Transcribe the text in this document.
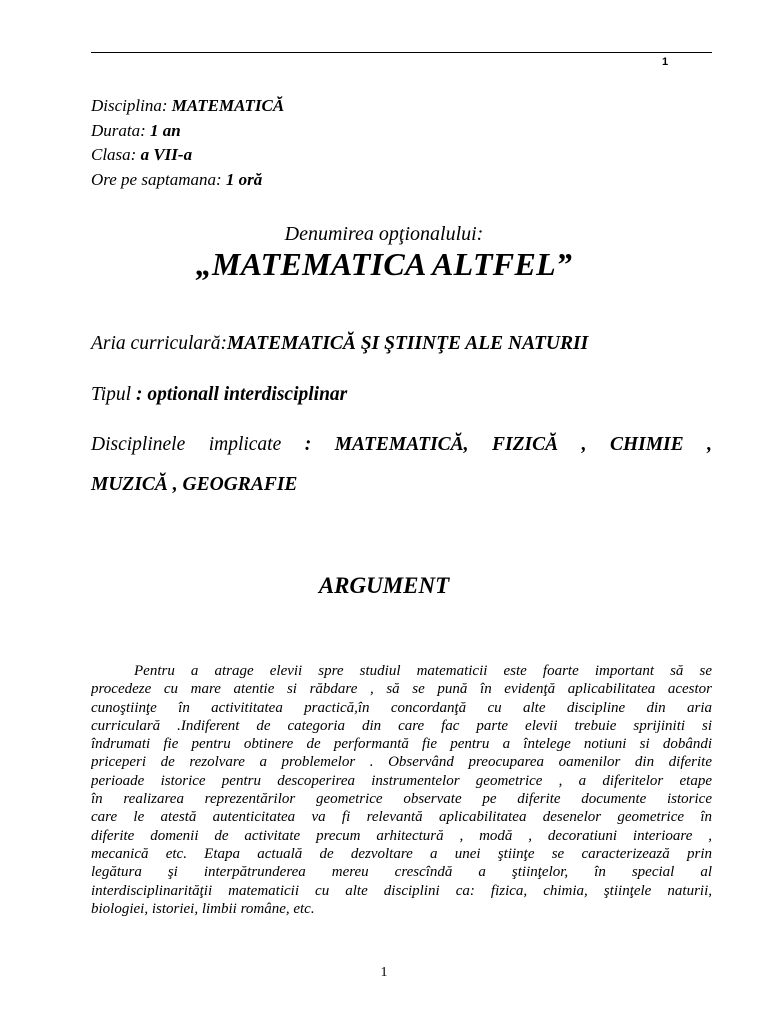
1
Disciplina: MATEMATICĂ
Durata: 1 an
Clasa: a VII-a
Ore pe saptamana: 1 oră
Denumirea opţionalului:
„MATEMATICA ALTFEL”
Aria curriculară:MATEMATICĂ ŞI ŞTIINŢE ALE NATURII
Tipul : optionall interdisciplinar
Disciplinele implicate : MATEMATICĂ, FIZICĂ , CHIMIE ,
MUZICĂ , GEOGRAFIE
ARGUMENT
Pentru a atrage elevii spre studiul matematicii este foarte important să se
procedeze cu mare atentie si răbdare , să se pună în evidenţă aplicabilitatea acestor
cunoştiinţe în activititatea practică,în concordanţă cu alte discipline din aria
curriculară .Indiferent de categoria din care fac parte elevii trebuie sprijiniti si
îndrumati fie pentru obtinere de performantă fie pentru a întelege notiuni si dobândi
priceperi de rezolvare a problemelor . Observând preocuparea oamenilor din diferite
perioade istorice pentru descoperirea instrumentelor geometrice , a diferitelor etape
în realizarea reprezentărilor geometrice observate pe diferite documente istorice
care le atestă autenticitatea va fi relevantă aplicabilitatea desenelor geometrice în
diferite domenii de activitate precum arhitectură , modă , decoratiuni interioare ,
mecanică etc. Etapa actuală de dezvoltare a unei ştiinţe se caracterizează prin
legătura şi interpătrunderea mereu crescîndă a ştiinţelor, în special al
interdisciplinarităţii matematicii cu alte disciplini ca: fizica, chimia, ştiinţele naturii,
biologiei, istoriei, limbii române, etc.
1
